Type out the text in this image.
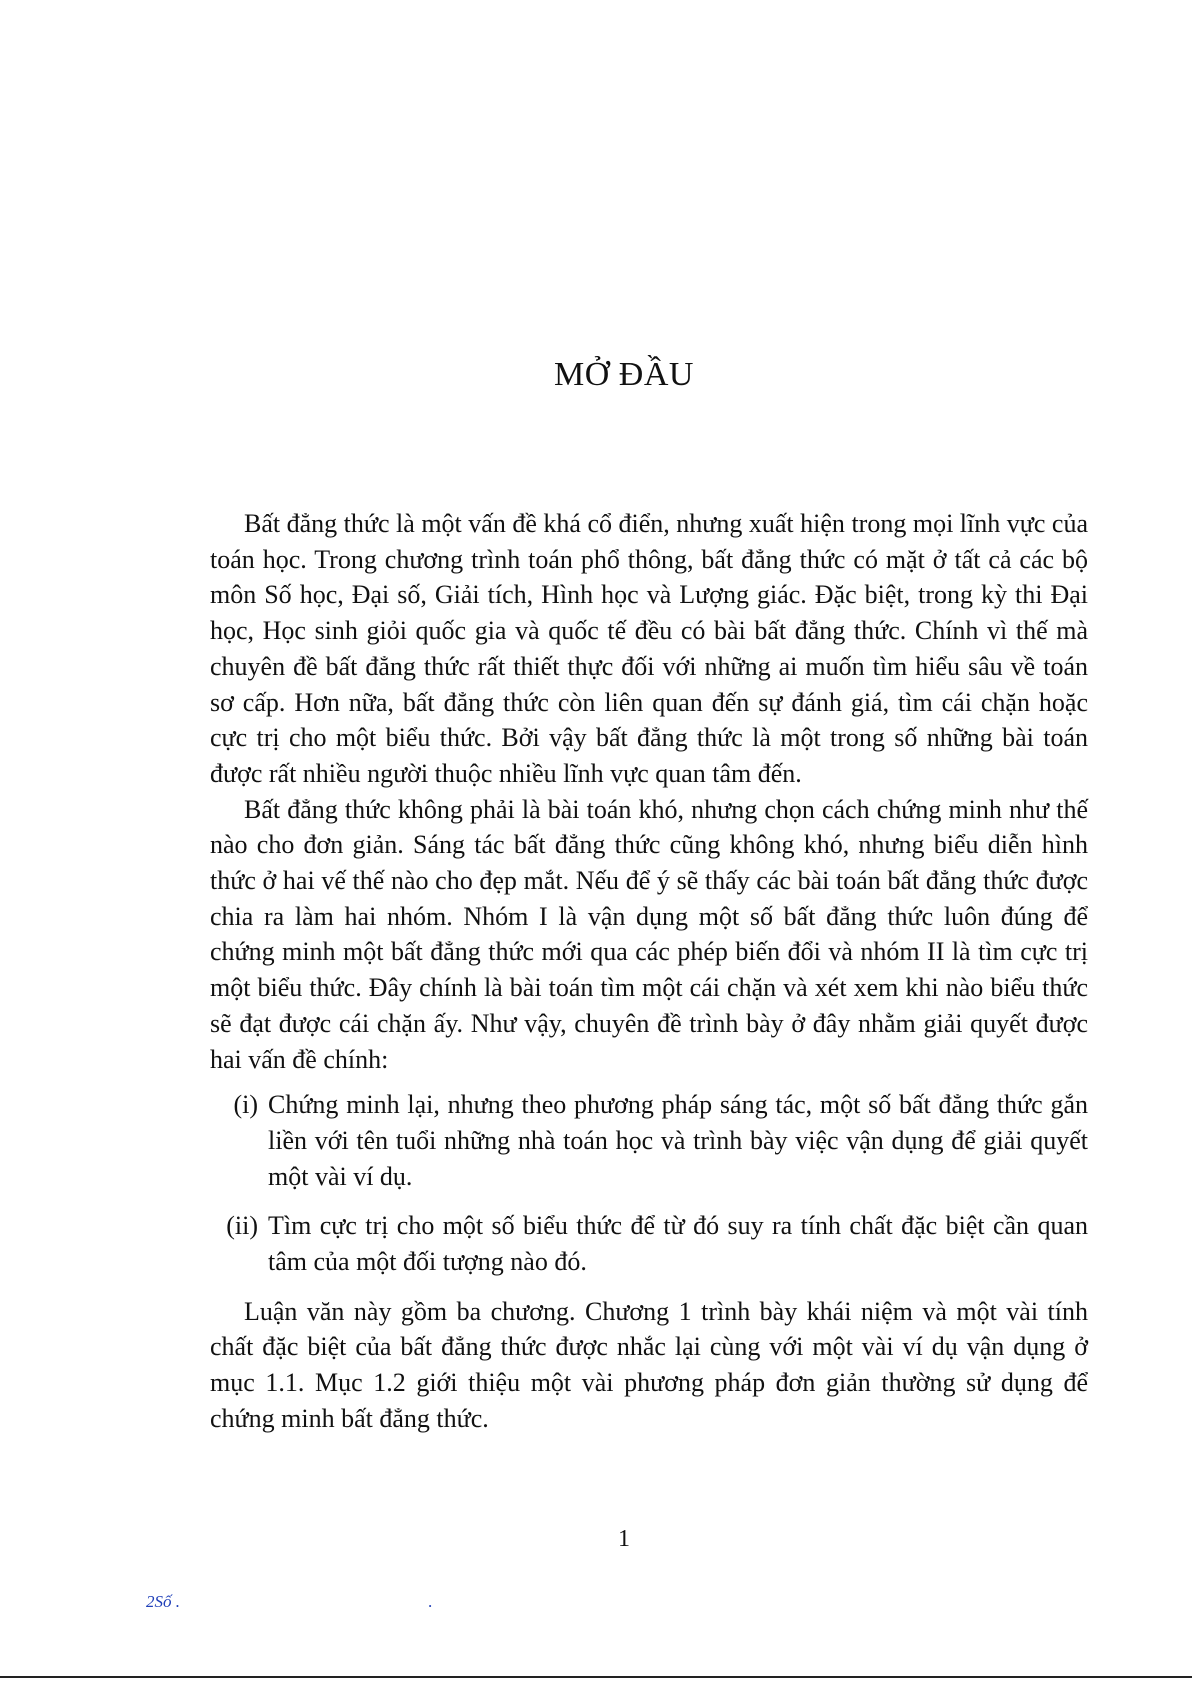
MỞ ĐẦU

Bất đẳng thức là một vấn đề khá cổ điển, nhưng xuất hiện trong mọi lĩnh vực của toán học. Trong chương trình toán phổ thông, bất đẳng thức có mặt ở tất cả các bộ môn Số học, Đại số, Giải tích, Hình học và Lượng giác. Đặc biệt, trong kỳ thi Đại học, Học sinh giỏi quốc gia và quốc tế đều có bài bất đẳng thức. Chính vì thế mà chuyên đề bất đẳng thức rất thiết thực đối với những ai muốn tìm hiểu sâu về toán sơ cấp. Hơn nữa, bất đẳng thức còn liên quan đến sự đánh giá, tìm cái chặn hoặc cực trị cho một biểu thức. Bởi vậy bất đẳng thức là một trong số những bài toán được rất nhiều người thuộc nhiều lĩnh vực quan tâm đến.

Bất đẳng thức không phải là bài toán khó, nhưng chọn cách chứng minh như thế nào cho đơn giản. Sáng tác bất đẳng thức cũng không khó, nhưng biểu diễn hình thức ở hai vế thế nào cho đẹp mắt. Nếu để ý sẽ thấy các bài toán bất đẳng thức được chia ra làm hai nhóm. Nhóm I là vận dụng một số bất đẳng thức luôn đúng để chứng minh một bất đẳng thức mới qua các phép biến đổi và nhóm II là tìm cực trị một biểu thức. Đây chính là bài toán tìm một cái chặn và xét xem khi nào biểu thức sẽ đạt được cái chặn ấy. Như vậy, chuyên đề trình bày ở đây nhằm giải quyết được hai vấn đề chính:

(i) Chứng minh lại, nhưng theo phương pháp sáng tác, một số bất đẳng thức gắn liền với tên tuổi những nhà toán học và trình bày việc vận dụng để giải quyết một vài ví dụ.
(ii) Tìm cực trị cho một số biểu thức để từ đó suy ra tính chất đặc biệt cần quan tâm của một đối tượng nào đó.

Luận văn này gồm ba chương. Chương 1 trình bày khái niệm và một vài tính chất đặc biệt của bất đẳng thức được nhắc lại cùng với một vài ví dụ vận dụng ở mục 1.1. Mục 1.2 giới thiệu một vài phương pháp đơn giản thường sử dụng để chứng minh bất đẳng thức.

1
2Số .	.
